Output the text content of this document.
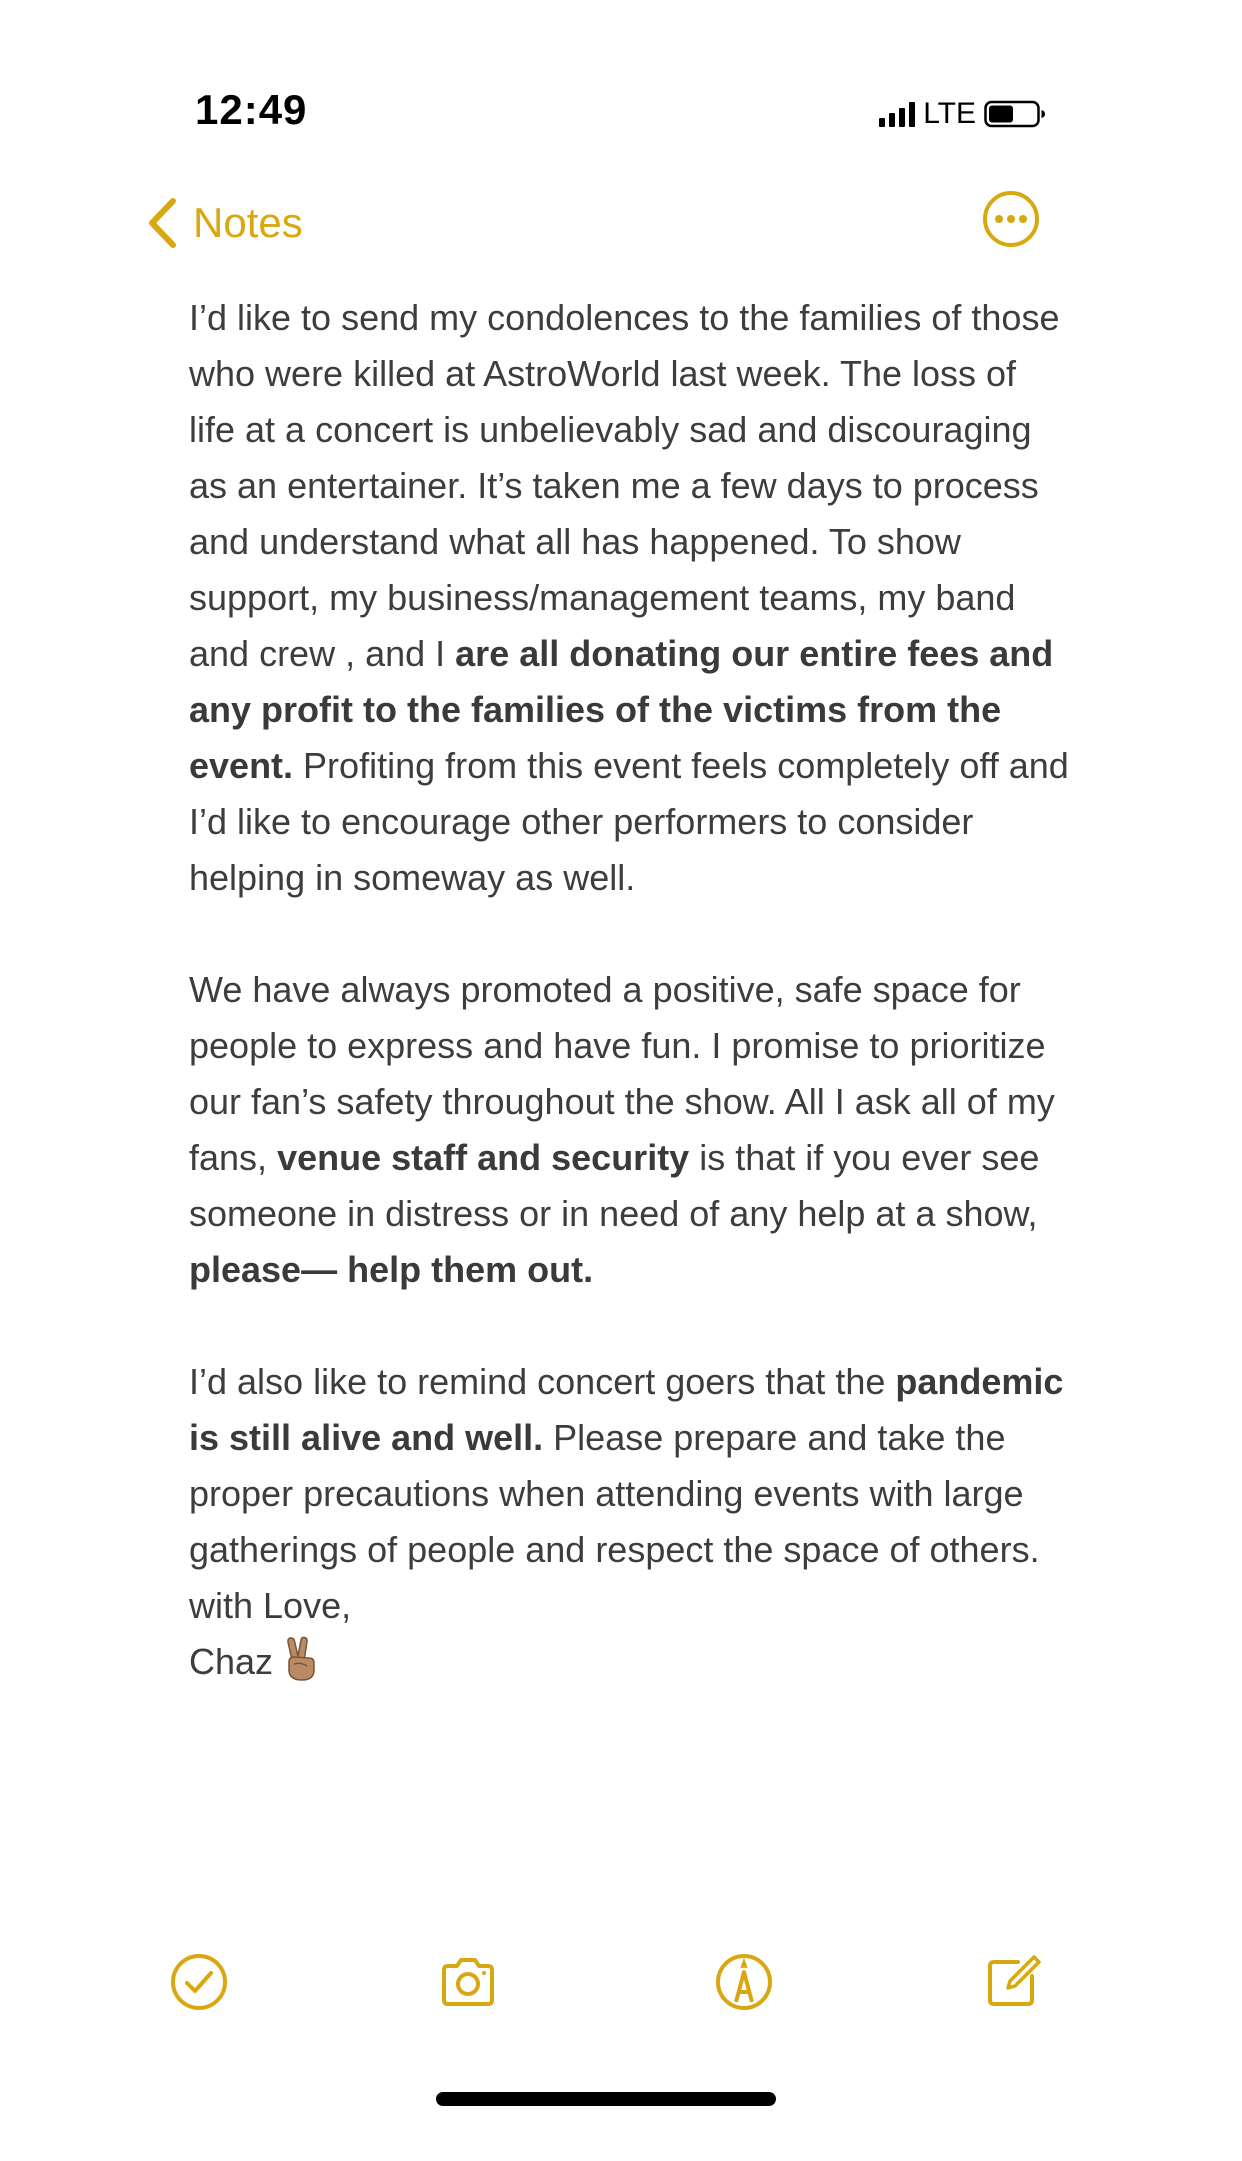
12:49	LTE
Notes

I’d like to send my condolences to the families of those who were killed at AstroWorld last week. The loss of life at a concert is unbelievably sad and discouraging as an entertainer. It’s taken me a few days to process and understand what all has happened. To show support, my business/management teams, my band and crew , and I are all donating our entire fees and any profit to the families of the victims from the event. Profiting from this event feels completely off and I’d like to encourage other performers to consider helping in someway as well.

We have always promoted a positive, safe space for people to express and have fun. I promise to prioritize our fan’s safety throughout the show. All I ask all of my fans, venue staff and security is that if you ever see someone in distress or in need of any help at a show, please— help them out.

I’d also like to remind concert goers that the pandemic is still alive and well. Please prepare and take the proper precautions when attending events with large gatherings of people and respect the space of others.

with Love,

Chaz
